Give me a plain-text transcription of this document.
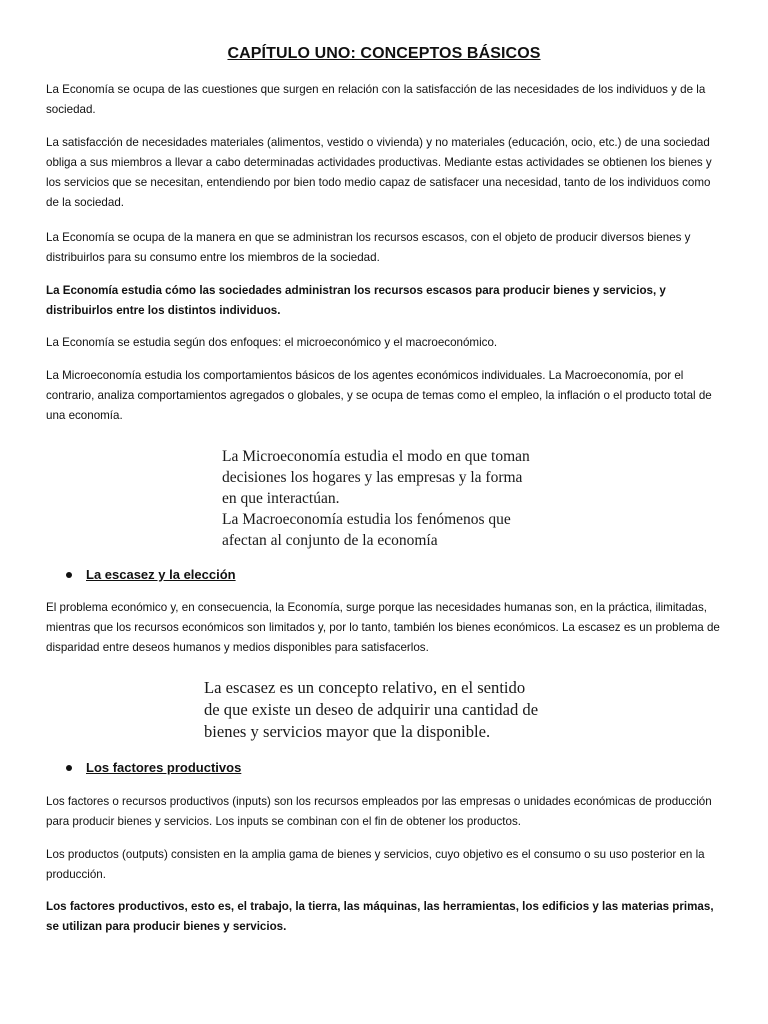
CAPÍTULO UNO: CONCEPTOS BÁSICOS

La Economía se ocupa de las cuestiones que surgen en relación con la satisfacción de las necesidades de los individuos y de la sociedad.

La satisfacción de necesidades materiales (alimentos, vestido o vivienda) y no materiales (educación, ocio, etc.) de una sociedad obliga a sus miembros a llevar a cabo determinadas actividades productivas. Mediante estas actividades se obtienen los bienes y los servicios que se necesitan, entendiendo por bien todo medio capaz de satisfacer una necesidad, tanto de los individuos como de la sociedad.

La Economía se ocupa de la manera en que se administran los recursos escasos, con el objeto de producir diversos bienes y distribuirlos para su consumo entre los miembros de la sociedad.

La Economía estudia cómo las sociedades administran los recursos escasos para producir bienes y servicios, y distribuirlos entre los distintos individuos.

La Economía se estudia según dos enfoques: el microeconómico y el macroeconómico.

La Microeconomía estudia los comportamientos básicos de los agentes económicos individuales. La Macroeconomía, por el contrario, analiza comportamientos agregados o globales, y se ocupa de temas como el empleo, la inflación o el producto total de una economía.

La Microeconomía estudia el modo en que toman
decisiones los hogares y las empresas y la forma
en que interactúan.
La Macroeconomía estudia los fenómenos que
afectan al conjunto de la economía
La escasez y la elección

El problema económico y, en consecuencia, la Economía, surge porque las necesidades humanas son, en la práctica, ilimitadas, mientras que los recursos económicos son limitados y, por lo tanto, también los bienes económicos. La escasez es un problema de disparidad entre deseos humanos y medios disponibles para satisfacerlos.

La escasez es un concepto relativo, en el sentido
de que existe un deseo de adquirir una cantidad de
bienes y servicios mayor que la disponible.
Los factores productivos

Los factores o recursos productivos (inputs) son los recursos empleados por las empresas o unidades económicas de producción para producir bienes y servicios. Los inputs se combinan con el fin de obtener los productos.

Los productos (outputs) consisten en la amplia gama de bienes y servicios, cuyo objetivo es el consumo o su uso posterior en la producción.

Los factores productivos, esto es, el trabajo, la tierra, las máquinas, las herramientas, los edificios y las materias primas, se utilizan para producir bienes y servicios.
